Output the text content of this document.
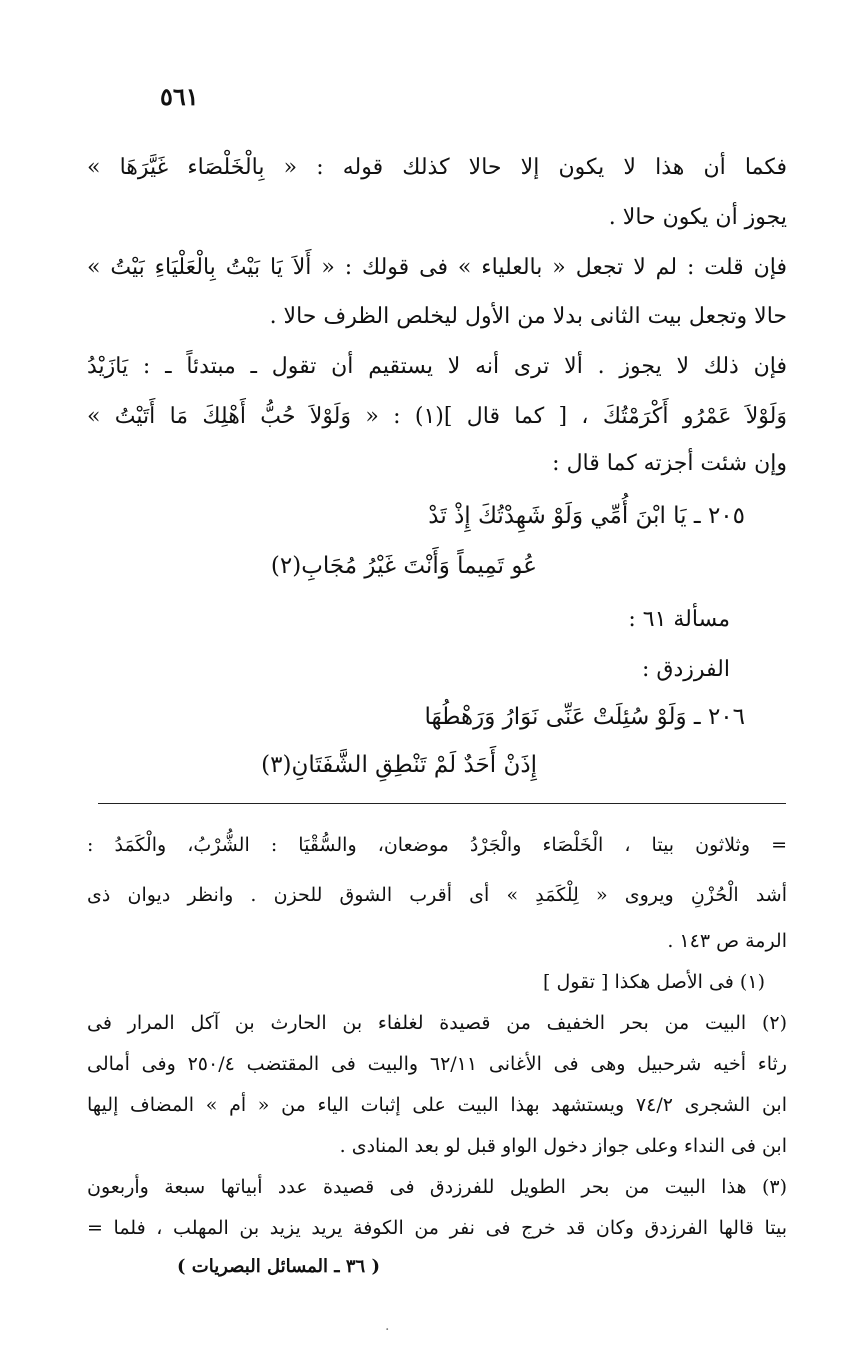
٥٦١
فكما أن هذا لا يكون إلا حالا كذلك قوله : « بِالْخَلْصَاء غَيَّرَهَا »
يجوز أن يكون حالا .
فإن قلت : لم لا تجعل « بالعلياء » فى قولك : « أَلاَ يَا بَيْتُ بِالْعَلْيَاءِ بَيْتُ »
حالا وتجعل بيت الثانى بدلا من الأول ليخلص الظرف حالا .
فإن ذلك لا يجوز . ألا ترى أنه لا يستقيم أن تقول ـ مبتدئاً ـ : يَازَيْدُ
وَلَوْلاَ عَمْرُو أَكْرَمْتُكَ ، [ كما قال ](١) : « وَلَوْلاَ حُبُّ أَهْلِكَ مَا أَتَيْتُ »
وإن شئت أجزته كما قال :
٢٠٥ ـ يَا ابْنَ أُمِّي وَلَوْ شَهِدْتُكَ إِذْ تَدْ
عُو تَمِيماً وَأَنْتَ غَيْرُ مُجَابِ(٢)
مسألة ٦١ :
الفرزدق :
٢٠٦ ـ وَلَوْ سُئِلَتْ عَنِّى نَوَارُ وَرَهْطُهَا
إِذَنْ أَحَدٌ لَمْ تَنْطِقِ الشَّفَتَانِ(٣)
= وثلاثون بيتا ، الْخَلْصَاء والْجَرْدُ موضعان، والسُّقْيَا : الشُّرْبُ، والْكَمَدُ :
أشد الْحُزْنِ ويروى « لِلْكَمَدِ » أى أقرب الشوق للحزن . وانظر ديوان ذى
الرمة ص ١٤٣ .
(١) فى الأصل هكذا [ تقول ]
(٢) البيت من بحر الخفيف من قصيدة لغلفاء بن الحارث بن آكل المرار فى
رثاء أخيه شرحبيل وهى فى الأغانى ٦٢/١١ والبيت فى المقتضب ٢٥٠/٤ وفى أمالى
ابن الشجرى ٧٤/٢ ويستشهد بهذا البيت على إثبات الياء من « أم » المضاف إليها
ابن فى النداء وعلى جواز دخول الواو قبل لو بعد المنادى .
(٣) هذا البيت من بحر الطويل للفرزدق فى قصيدة عدد أبياتها سبعة وأربعون
بيتا قالها الفرزدق وكان قد خرج فى نفر من الكوفة يريد يزيد بن المهلب ، فلما =
( ٣٦ ـ المسائل البصريات )
·
